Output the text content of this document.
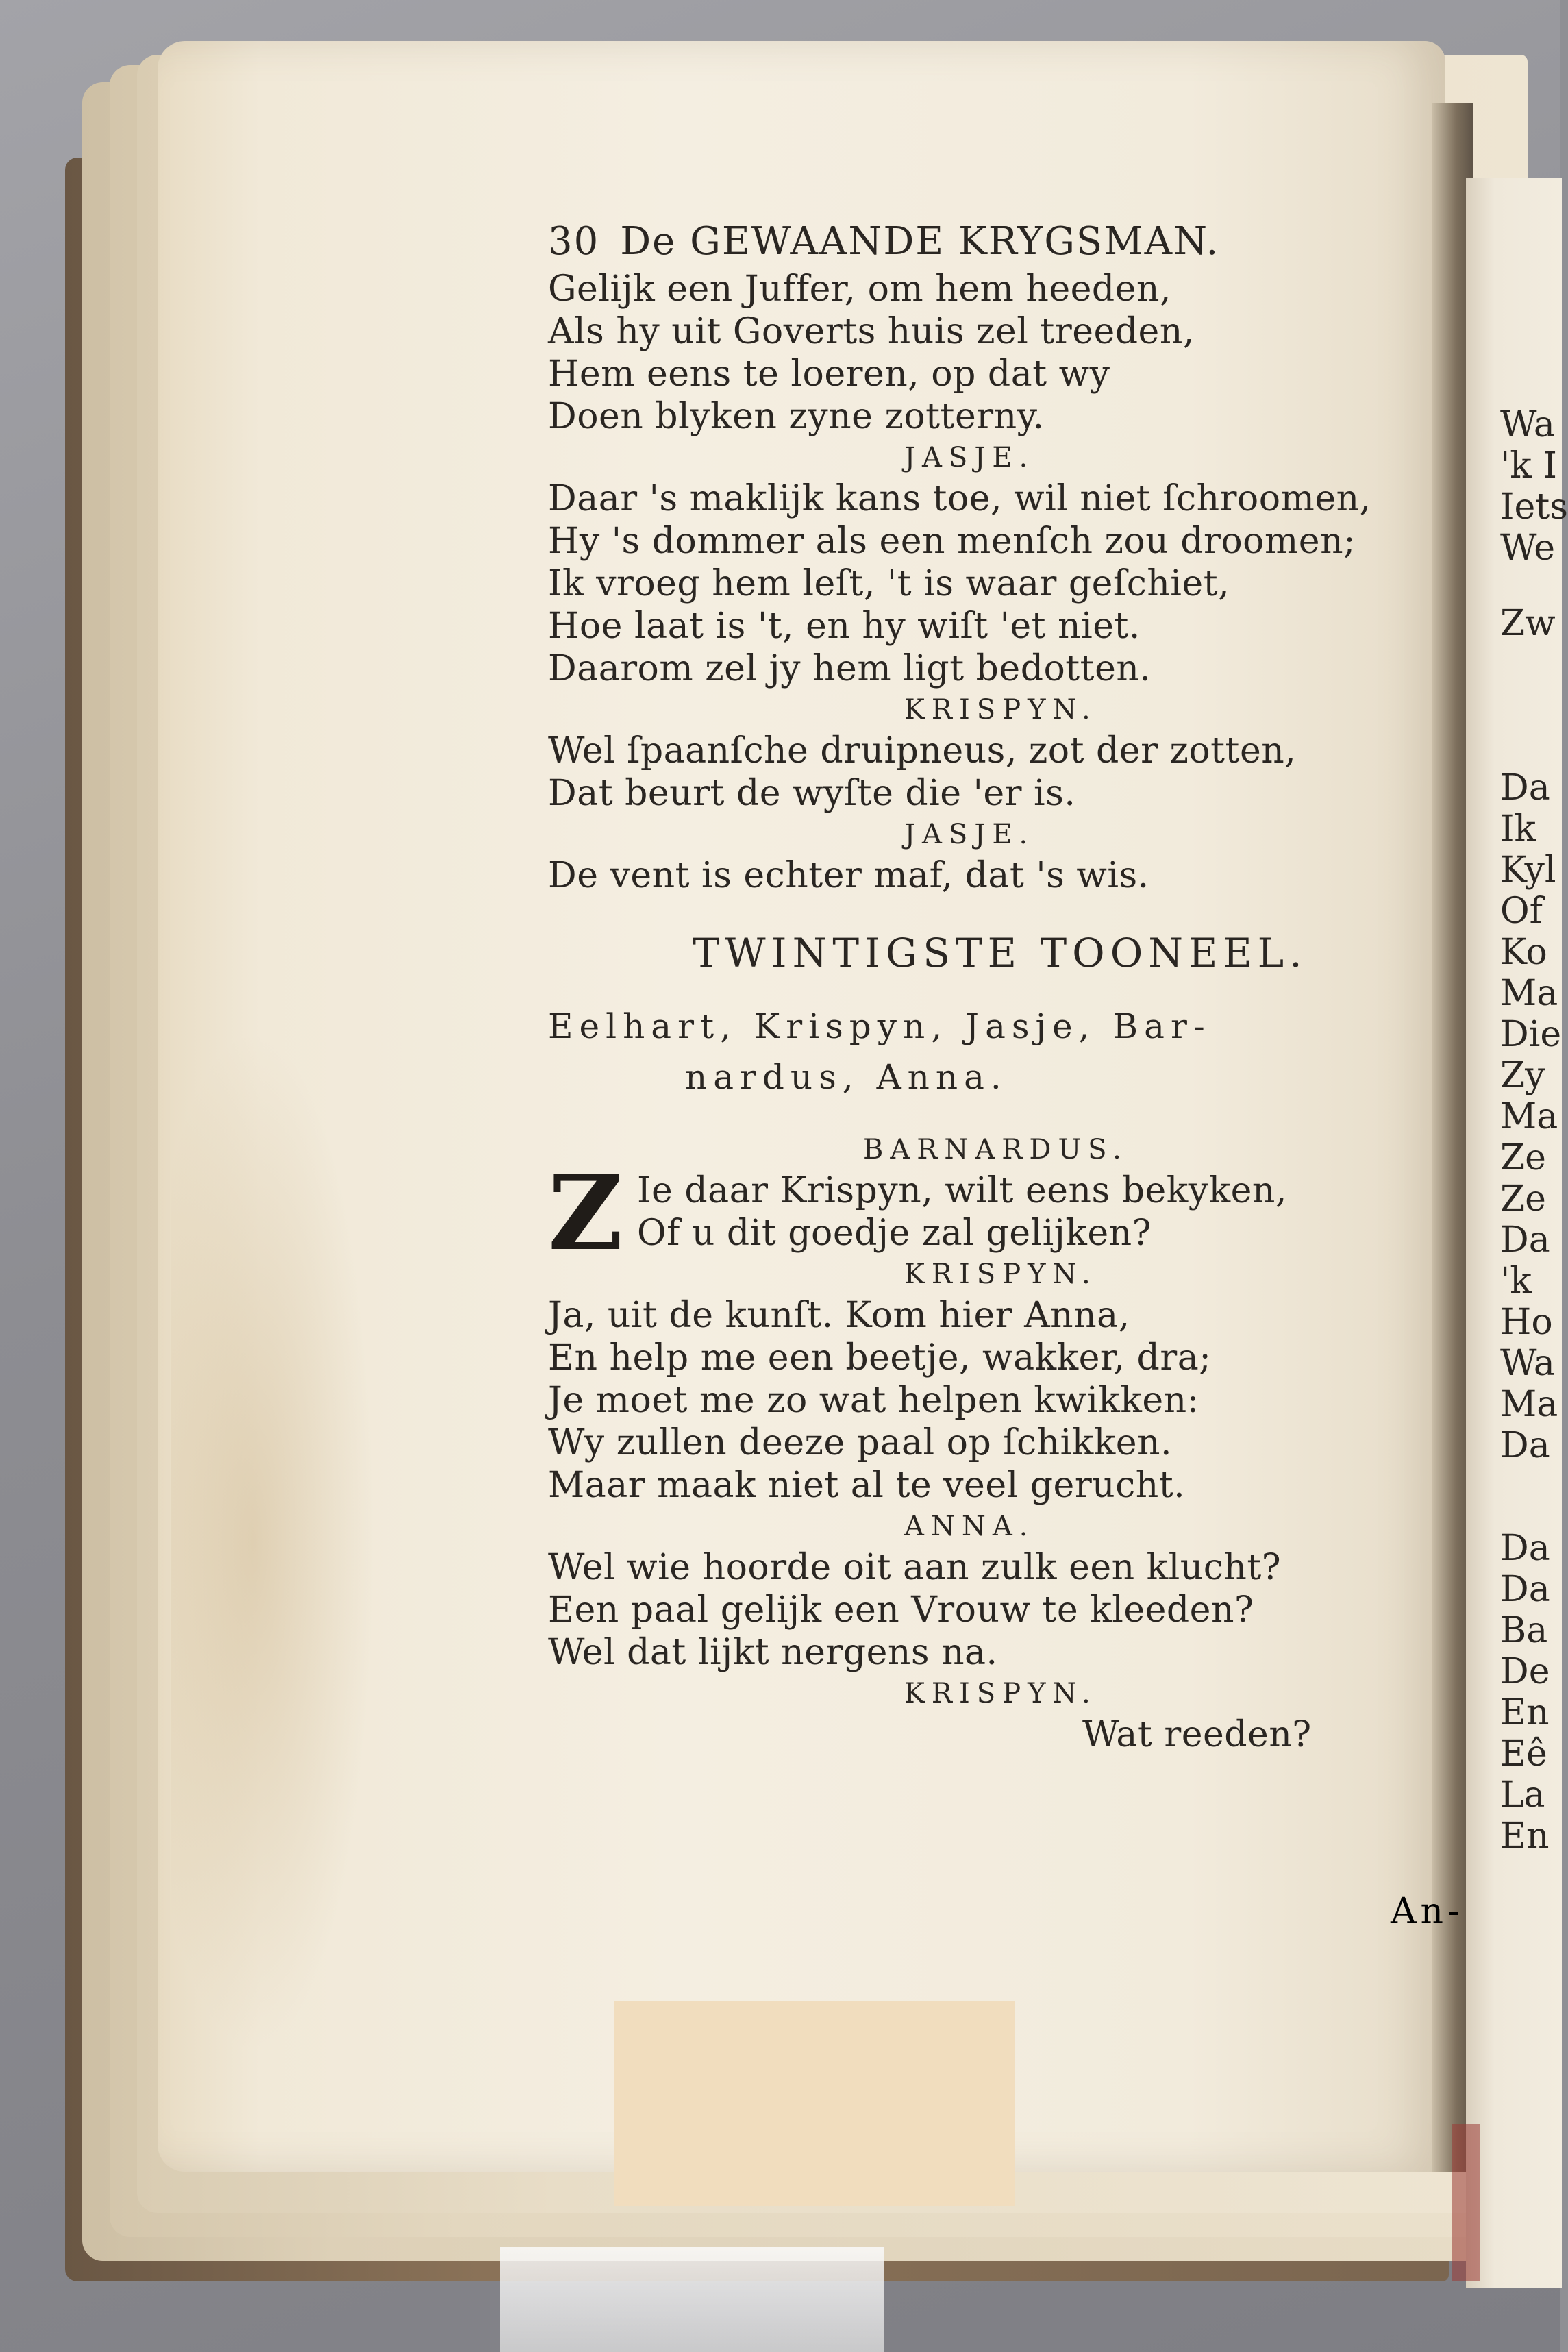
30 De GEWAANDE KRYGSMAN.
Gelijk een Juffer, om hem heeden,
Als hy uit Goverts huis zel treeden,
Hem eens te loeren, op dat wy
Doen blyken zyne zotterny.
JASJE.
Daar 's maklijk kans toe, wil niet ſchroomen,
Hy 's dommer als een menſch zou droomen;
Ik vroeg hem leſt, 't is waar geſchiet,
Hoe laat is 't, en hy wiſt 'et niet.
Daarom zel jy hem ligt bedotten.
KRISPYN.
Wel ſpaanſche druipneus, zot der zotten,
Dat beurt de wyſte die 'er is.
JASJE.
De vent is echter maf, dat 's wis.
TWINTIGSTE TOONEEL.
Eelhart, Krispyn, Jasje, Bar-
nardus, Anna.
BARNARDUS.
Z Ie daar Krispyn, wilt eens bekyken,
Of u dit goedje zal gelijken?
KRISPYN.
Ja, uit de kunſt. Kom hier Anna,
En help me een beetje, wakker, dra;
Je moet me zo wat helpen kwikken:
Wy zullen deeze paal op ſchikken.
Maar maak niet al te veel gerucht.
ANNA.
Wel wie hoorde oit aan zulk een klucht?
Een paal gelijk een Vrouw te kleeden?
Wel dat lijkt nergens na.
KRISPYN.
Wat reeden?
An-
Wa
'k I
Iets
We
Zw
Da
Ik
Kyl
Of
Ko
Ma
Die
Zy
Ma
Ze
Ze
Da
'k
Ho
Wa
Ma
Da
Da
Da
Ba
De
En
Eê
La
En
